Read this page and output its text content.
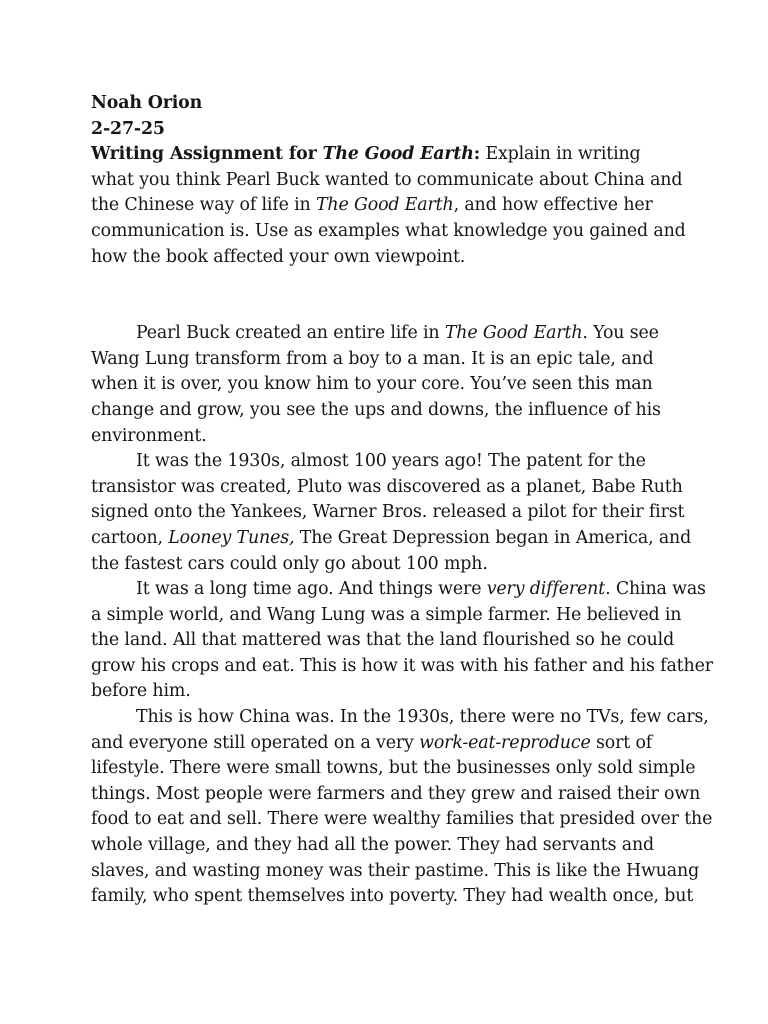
Noah Orion
2-27-25
Writing Assignment for The Good Earth: Explain in writing
what you think Pearl Buck wanted to communicate about China and
the Chinese way of life in The Good Earth, and how effective her
communication is. Use as examples what knowledge you gained and
how the book affected your own viewpoint.
Pearl Buck created an entire life in The Good Earth. You see
Wang Lung transform from a boy to a man. It is an epic tale, and
when it is over, you know him to your core. You’ve seen this man
change and grow, you see the ups and downs, the influence of his
environment.
It was the 1930s, almost 100 years ago! The patent for the
transistor was created, Pluto was discovered as a planet, Babe Ruth
signed onto the Yankees, Warner Bros. released a pilot for their first
cartoon, Looney Tunes, The Great Depression began in America, and
the fastest cars could only go about 100 mph.
It was a long time ago. And things were very different. China was
a simple world, and Wang Lung was a simple farmer. He believed in
the land. All that mattered was that the land flourished so he could
grow his crops and eat. This is how it was with his father and his father
before him.
This is how China was. In the 1930s, there were no TVs, few cars,
and everyone still operated on a very work-eat-reproduce sort of
lifestyle. There were small towns, but the businesses only sold simple
things. Most people were farmers and they grew and raised their own
food to eat and sell. There were wealthy families that presided over the
whole village, and they had all the power. They had servants and
slaves, and wasting money was their pastime. This is like the Hwuang
family, who spent themselves into poverty. They had wealth once, but
